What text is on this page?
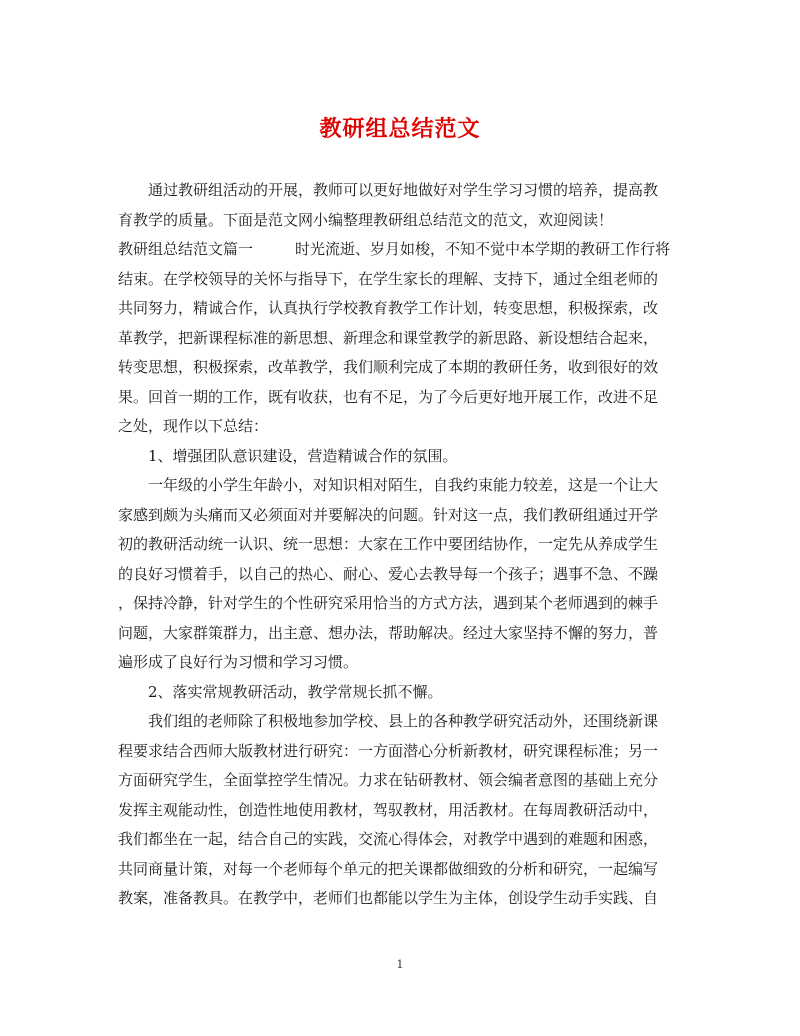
教研组总结范文
　　通过教研组活动的开展，教师可以更好地做好对学生学习习惯的培养，提高教
育教学的质量。下面是范文网小编整理教研组总结范文的范文，欢迎阅读！
教研组总结范文篇一	时光流逝、岁月如梭，不知不觉中本学期的教研工作行将
结束。在学校领导的关怀与指导下，在学生家长的理解、支持下，通过全组老师的
共同努力，精诚合作，认真执行学校教育教学工作计划，转变思想，积极探索，改
革教学，把新课程标准的新思想、新理念和课堂教学的新思路、新设想结合起来，
转变思想，积极探索，改革教学，我们顺利完成了本期的教研任务，收到很好的效
果。回首一期的工作，既有收获，也有不足，为了今后更好地开展工作，改进不足
之处，现作以下总结：
　　1、增强团队意识建设，营造精诚合作的氛围。
　　一年级的小学生年龄小，对知识相对陌生，自我约束能力较差，这是一个让大
家感到颇为头痛而又必须面对并要解决的问题。针对这一点，我们教研组通过开学
初的教研活动统一认识、统一思想：大家在工作中要团结协作，一定先从养成学生
的良好习惯着手，以自己的热心、耐心、爱心去教导每一个孩子；遇事不急、不躁
，保持冷静，针对学生的个性研究采用恰当的方式方法，遇到某个老师遇到的棘手
问题，大家群策群力，出主意、想办法，帮助解决。经过大家坚持不懈的努力，普
遍形成了良好行为习惯和学习习惯。
　　2、落实常规教研活动，教学常规长抓不懈。
　　我们组的老师除了积极地参加学校、县上的各种教学研究活动外，还围绕新课
程要求结合西师大版教材进行研究：一方面潜心分析新教材，研究课程标准；另一
方面研究学生，全面掌控学生情况。力求在钻研教材、领会编者意图的基础上充分
发挥主观能动性，创造性地使用教材，驾驭教材，用活教材。在每周教研活动中，
我们都坐在一起，结合自己的实践，交流心得体会，对教学中遇到的难题和困惑，
共同商量计策，对每一个老师每个单元的把关课都做细致的分析和研究，一起编写
教案，准备教具。在教学中，老师们也都能以学生为主体，创设学生动手实践、自
1
